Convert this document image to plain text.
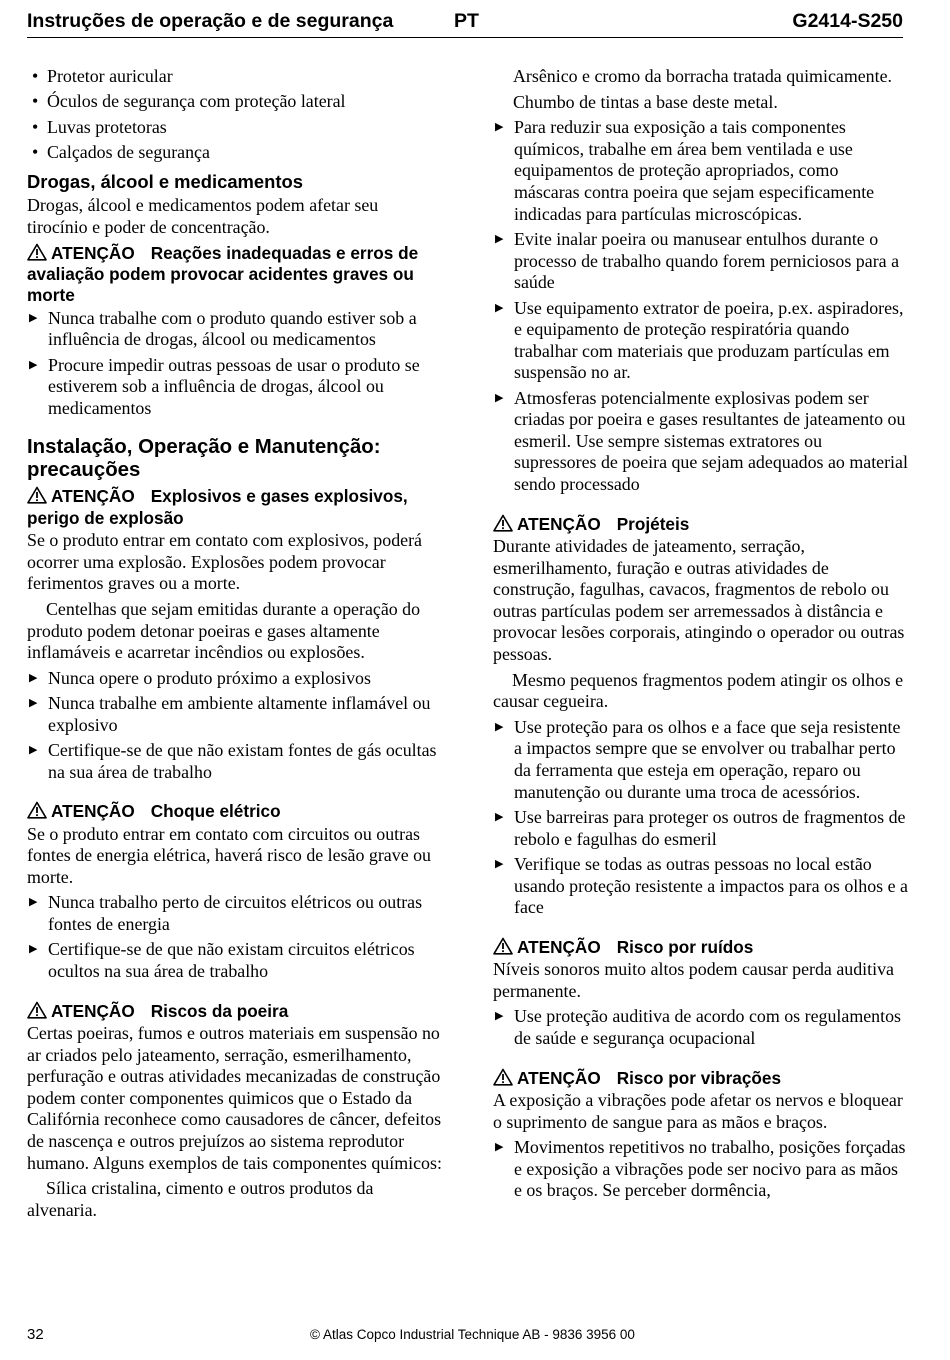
Instruções de operação e de segurança	PT	G2414-S250
• Protetor auricular
• Óculos de segurança com proteção lateral
• Luvas protetoras
• Calçados de segurança
Drogas, álcool e medicamentos

Drogas, álcool e medicamentos podem afetar seu tirocínio e poder de concentração.

ATENÇÃO Reações inadequadas e erros de avaliação podem provocar acidentes graves ou morte
▶ Nunca trabalhe com o produto quando estiver sob a influência de drogas, álcool ou medicamentos
▶ Procure impedir outras pessoas de usar o produto se estiverem sob a influência de drogas, álcool ou medicamentos
Instalação, Operação e Manutenção: precauções
ATENÇÃO Explosivos e gases explosivos, perigo de explosão

Se o produto entrar em contato com explosivos, poderá ocorrer uma explosão. Explosões podem provocar ferimentos graves ou a morte.

Centelhas que sejam emitidas durante a operação do produto podem detonar poeiras e gases altamente inflamáveis e acarretar incêndios ou explosões.

▶ Nunca opere o produto próximo a explosivos
▶ Nunca trabalhe em ambiente altamente inflamável ou explosivo
▶ Certifique-se de que não existam fontes de gás ocultas na sua área de trabalho
ATENÇÃO Choque elétrico

Se o produto entrar em contato com circuitos ou outras fontes de energia elétrica, haverá risco de lesão grave ou morte.

▶ Nunca trabalho perto de circuitos elétricos ou outras fontes de energia
▶ Certifique-se de que não existam circuitos elétricos ocultos na sua área de trabalho
ATENÇÃO Riscos da poeira

Certas poeiras, fumos e outros materiais em suspensão no ar criados pelo jateamento, serração, esmerilhamento, perfuração e outras atividades mecanizadas de construção podem conter componentes quimicos que o Estado da Califórnia reconhece como causadores de câncer, defeitos de nascença e outros prejuízos ao sistema reprodutor humano. Alguns exemplos de tais componentes químicos:

Sílica cristalina, cimento e outros produtos da alvenaria.

Arsênico e cromo da borracha tratada quimicamente.

Chumbo de tintas a base deste metal.

▶ Para reduzir sua exposição a tais componentes químicos, trabalhe em área bem ventilada e use equipamentos de proteção apropriados, como máscaras contra poeira que sejam especificamente indicadas para partículas microscópicas.
▶ Evite inalar poeira ou manusear entulhos durante o processo de trabalho quando forem perniciosos para a saúde
▶ Use equipamento extrator de poeira, p.ex. aspiradores, e equipamento de proteção respiratória quando trabalhar com materiais que produzam partículas em suspensão no ar.
▶ Atmosferas potencialmente explosivas podem ser criadas por poeira e gases resultantes de jateamento ou esmeril. Use sempre sistemas extratores ou supressores de poeira que sejam adequados ao material sendo processado
ATENÇÃO Projéteis

Durante atividades de jateamento, serração, esmerilhamento, furação e outras atividades de construção, fagulhas, cavacos, fragmentos de rebolo ou outras partículas podem ser arremessados à distância e provocar lesões corporais, atingindo o operador ou outras pessoas.

Mesmo pequenos fragmentos podem atingir os olhos e causar cegueira.

▶ Use proteção para os olhos e a face que seja resistente a impactos sempre que se envolver ou trabalhar perto da ferramenta que esteja em operação, reparo ou manutenção ou durante uma troca de acessórios.
▶ Use barreiras para proteger os outros de fragmentos de rebolo e fagulhas do esmeril
▶ Verifique se todas as outras pessoas no local estão usando proteção resistente a impactos para os olhos e a face
ATENÇÃO Risco por ruídos

Níveis sonoros muito altos podem causar perda auditiva permanente.

▶ Use proteção auditiva de acordo com os regulamentos de saúde e segurança ocupacional
ATENÇÃO Risco por vibrações

A exposição a vibrações pode afetar os nervos e bloquear o suprimento de sangue para as mãos e braços.

▶ Movimentos repetitivos no trabalho, posições forçadas e exposição a vibrações pode ser nocivo para as mãos e os braços. Se perceber dormência,
32	© Atlas Copco Industrial Technique AB - 9836 3956 00
